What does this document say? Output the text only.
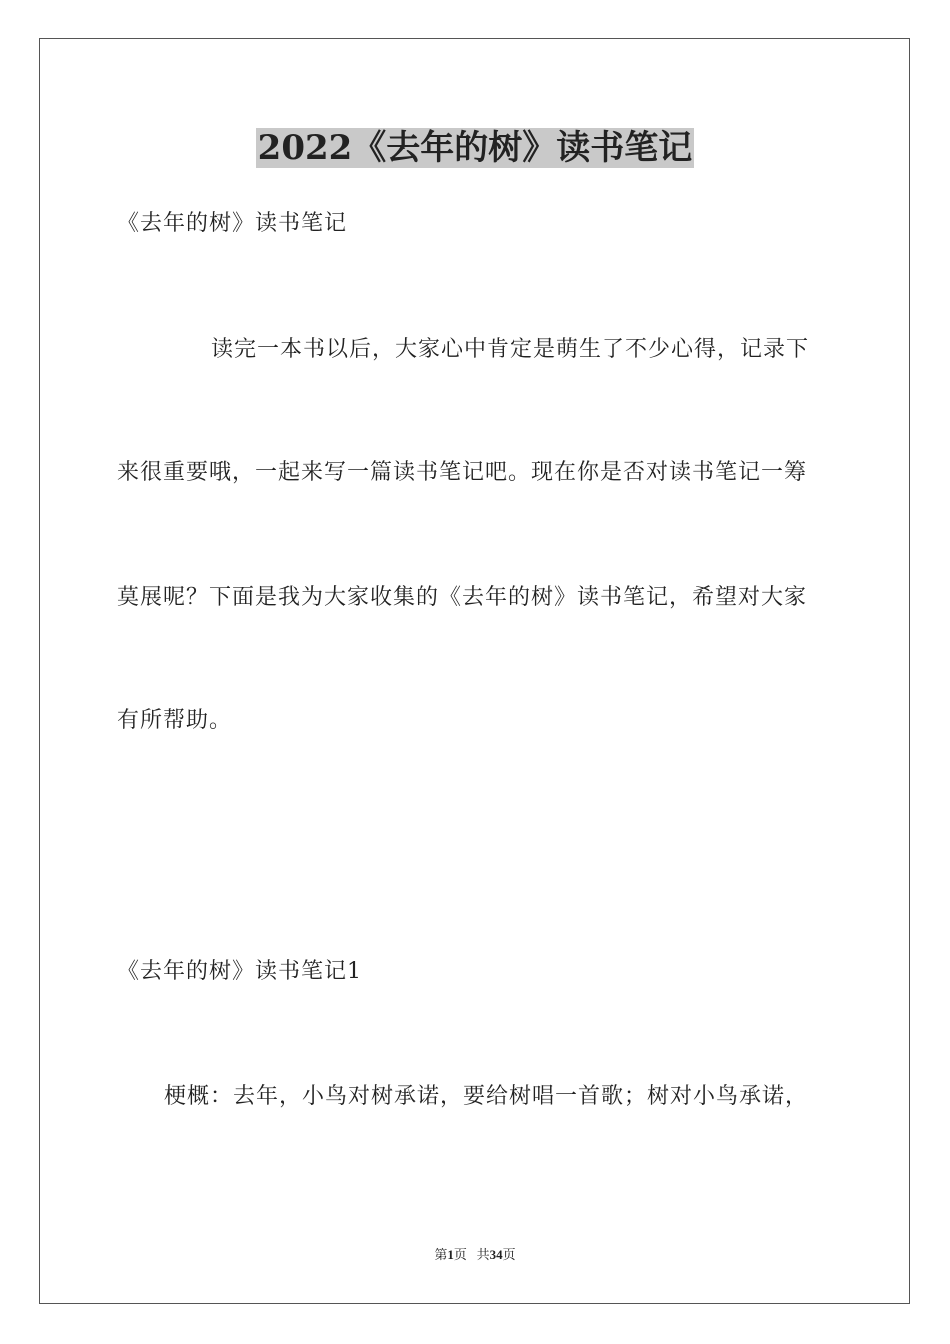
2022《去年的树》读书笔记
《去年的树》读书笔记
读完一本书以后，大家心中肯定是萌生了不少心得，记录下
来很重要哦，一起来写一篇读书笔记吧。现在你是否对读书笔记一筹
莫展呢？下面是我为大家收集的《去年的树》读书笔记，希望对大家
有所帮助。
《去年的树》读书笔记1
梗概：去年，小鸟对树承诺，要给树唱一首歌；树对小鸟承诺，
第1页 共34页
